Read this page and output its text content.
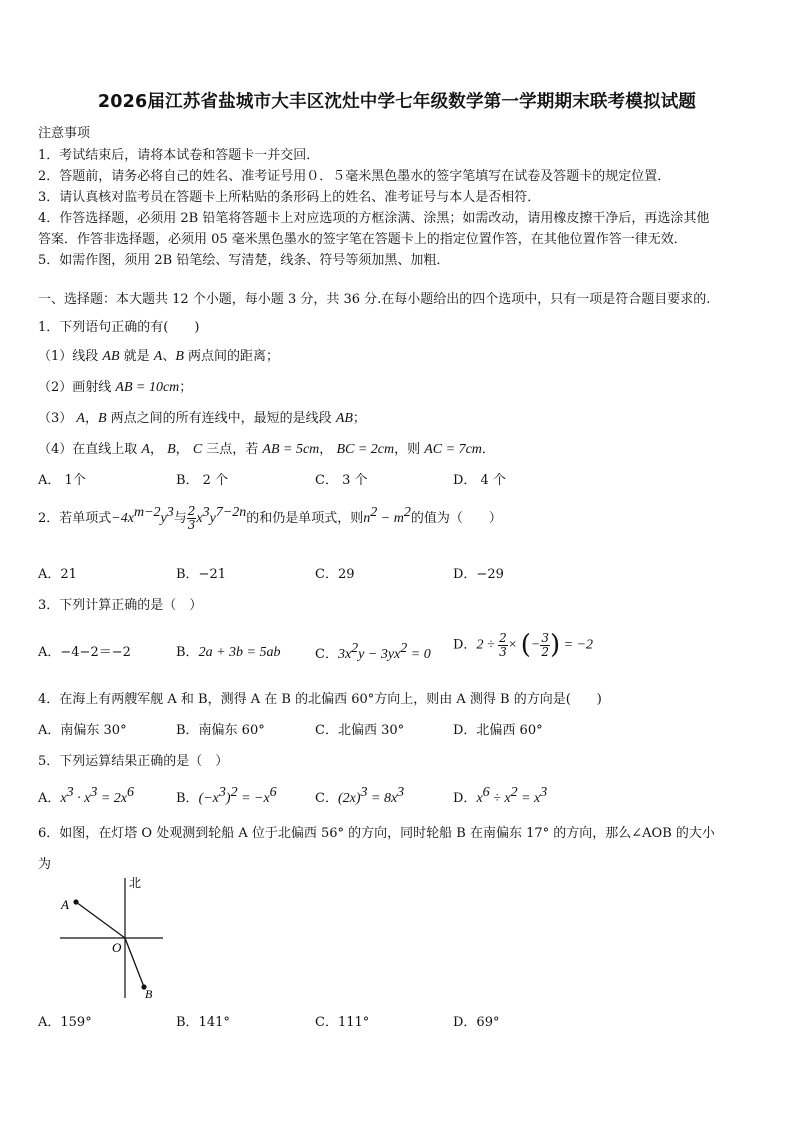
2026届江苏省盐城市大丰区沈灶中学七年级数学第一学期期末联考模拟试题
注意事项
1．考试结束后，请将本试卷和答题卡一并交回．
2．答题前，请务必将自己的姓名、准考证号用０．５毫米黑色墨水的签字笔填写在试卷及答题卡的规定位置．
3．请认真核对监考员在答题卡上所粘贴的条形码上的姓名、准考证号与本人是否相符．
4．作答选择题，必须用 2B 铅笔将答题卡上对应选项的方框涂满、涂黑；如需改动，请用橡皮擦干净后，再选涂其他
答案．作答非选择题，必须用 05 毫米黑色墨水的签字笔在答题卡上的指定位置作答，在其他位置作答一律无效．
5．如需作图，须用 2B 铅笔绘、写清楚，线条、符号等须加黑、加粗．
一、选择题：本大题共 12 个小题，每小题 3 分，共 36 分.在每小题给出的四个选项中，只有一项是符合题目要求的.
1．下列语句正确的有(　　)
（1）线段 AB 就是 A、B 两点间的距离；
（2）画射线 AB = 10cm；
（3） A，B 两点之间的所有连线中，最短的是线段 AB；
（4）在直线上取 A， B， C 三点，若 AB = 5cm， BC = 2cm，则 AC = 7cm．
A． 1个	B． 2 个	C． 3 个	D． 4 个
2．若单项式$-4x^{m-2}y^3$与 $\frac{2}{3} x^3y^{7-2n}$的和仍是单项式，则$n^2 - m^2$的值为（　　）
A．21	B．−21	C．29	D．−29
3．下列计算正确的是（　）
A．−4−2＝−2	B．2a + 3b = 5ab	C．$3x^2y - 3yx^2 = 0$
D．$2 \div \frac{2}{3}$ × (− $\frac{3}{2}$ ) = −2
4．在海上有两艘军舰 A 和 B，测得 A 在 B 的北偏西 60°方向上，则由 A 测得 B 的方向是(　　)
A．南偏东 30°	B．南偏东 60°	C．北偏西 30°	D．北偏西 60°
5．下列运算结果正确的是（　）
A．$x^3 \cdot x^3 = 2x^6$	B．$(-x^3)^2 = -x^6$	C．$(2x)^3 = 8x^3$	D．$x^6 \div x^2 = x^3$
6．如图，在灯塔 O 处观测到轮船 A 位于北偏西 56° 的方向，同时轮船 B 在南偏东 17° 的方向，那么∠AOB 的大小
为
北
A
O
B
A．159°	B．141°	C．111°	D．69°
